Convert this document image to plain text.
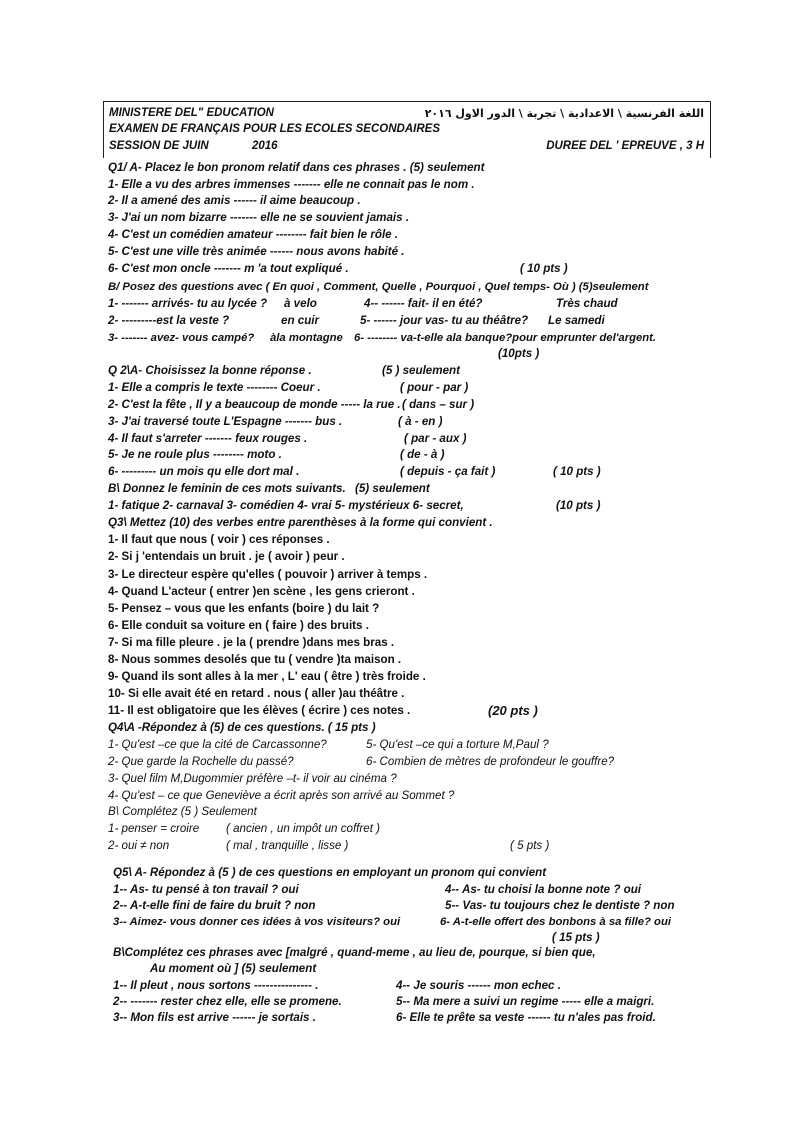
MINISTERE DEL" EDUCATION	اللغة الفرنسية \ الاعدادية \ تجربة \ الدور الاول ٢٠١٦
EXAMEN DE FRANÇAIS POUR LES ECOLES SECONDAIRES
SESSION DE JUIN	2016	DUREE DEL ' EPREUVE , 3 H
Q1/ A- Placez le bon pronom relatif dans ces phrases . (5) seulement
1- Elle a vu des arbres immenses ------- elle ne connait pas le nom .
2- Il a amené des amis ------ il aime beaucoup .
3- J'ai un nom bizarre ------- elle ne se souvient jamais .
4- C'est un comédien amateur -------- fait bien le rôle .
5- C'est une ville très animée ------ nous avons habité .
6- C'est mon oncle ------- m 'a tout expliqué .	( 10 pts )
B/ Posez des questions avec ( En quoi , Comment, Quelle , Pourquoi , Quel temps- Où ) (5)seulement
1- ------- arrivés- tu au lycée ? à velo	4-- ------ fait- il en été?	Très chaud
2- ---------est la veste ?	en cuir	5- ------ jour vas- tu au théâtre? Le samedi
3- ------- avez- vous campé? àla montagne 6- -------- va-t-elle ala banque?pour emprunter del'argent.
(10pts )
Q 2\A- Choisissez la bonne réponse .	(5 ) seulement
1- Elle a compris le texte -------- Coeur .	( pour - par )
2- C'est la fête , Il y a beaucoup de monde ----- la rue . ( dans – sur )
3- J'ai traversé toute L'Espagne ------- bus .	( à - en )
4- Il faut s'arreter ------- feux rouges .	( par - aux )
5- Je ne roule plus -------- moto .	( de - à )
6- --------- un mois qu elle dort mal .	( depuis - ça fait )	( 10 pts )
B\ Donnez le feminin de ces mots suivants. (5) seulement
1- fatique 2- carnaval 3- comédien 4- vrai 5- mystérieux 6- secret,	(10 pts )
Q3\ Mettez (10) des verbes entre parenthèses à la forme qui convient .
1- Il faut que nous ( voir ) ces réponses .
2- Si j 'entendais un bruit . je ( avoir ) peur .
3- Le directeur espère qu'elles ( pouvoir ) arriver à temps .
4- Quand L'acteur ( entrer )en scène , les gens crieront .
5- Pensez – vous que les enfants (boire ) du lait ?
6- Elle conduit sa voiture en ( faire ) des bruits .
7- Si ma fille pleure . je la ( prendre )dans mes bras .
8- Nous sommes desolés que tu ( vendre )ta maison .
9- Quand ils sont alles à la mer , L' eau ( être ) très froide .
10- Si elle avait été en retard . nous ( aller )au théâtre .
11- Il est obligatoire que les élèves ( écrire ) ces notes .	(20 pts )
Q4\A -Répondez à (5) de ces questions. ( 15 pts )
1- Qu'est –ce que la cité de Carcassonne?	5- Qu'est –ce qui a torture M,Paul ?
2- Que garde la Rochelle du passé?	6- Combien de mètres de profondeur le gouffre?
3- Quel film M,Dugommier préfère –t- il voir au cinéma ?
4- Qu'est – ce que Geneviève a écrit après son arrivé au Sommet ?
B\ Complétez (5 ) Seulement
1- penser = croire ( ancien , un impôt un coffret )
2- oui ≠ non	( mal , tranquille , lisse )	( 5 pts )
Q5\ A- Répondez à (5 ) de ces questions en employant un pronom qui convient
1-- As- tu pensé à ton travail ? oui	4-- As- tu choisi la bonne note ? oui
2-- A-t-elle fini de faire du bruit ? non	5-- Vas- tu toujours chez le dentiste ? non
3-- Aimez- vous donner ces idées à vos visiteurs? oui	6- A-t-elle offert des bonbons à sa fille? oui
( 15 pts )
B\Complétez ces phrases avec [malgré , quand-meme , au lieu de, pourque, si bien que,
Au moment où ] (5) seulement
1-- Il pleut , nous sortons --------------- .	4-- Je souris ------ mon echec .
2-- ------- rester chez elle, elle se promene.	5-- Ma mere a suivi un regime ----- elle a maigri.
3-- Mon fils est arrive ------ je sortais .	6- Elle te prête sa veste ------ tu n'ales pas froid.
